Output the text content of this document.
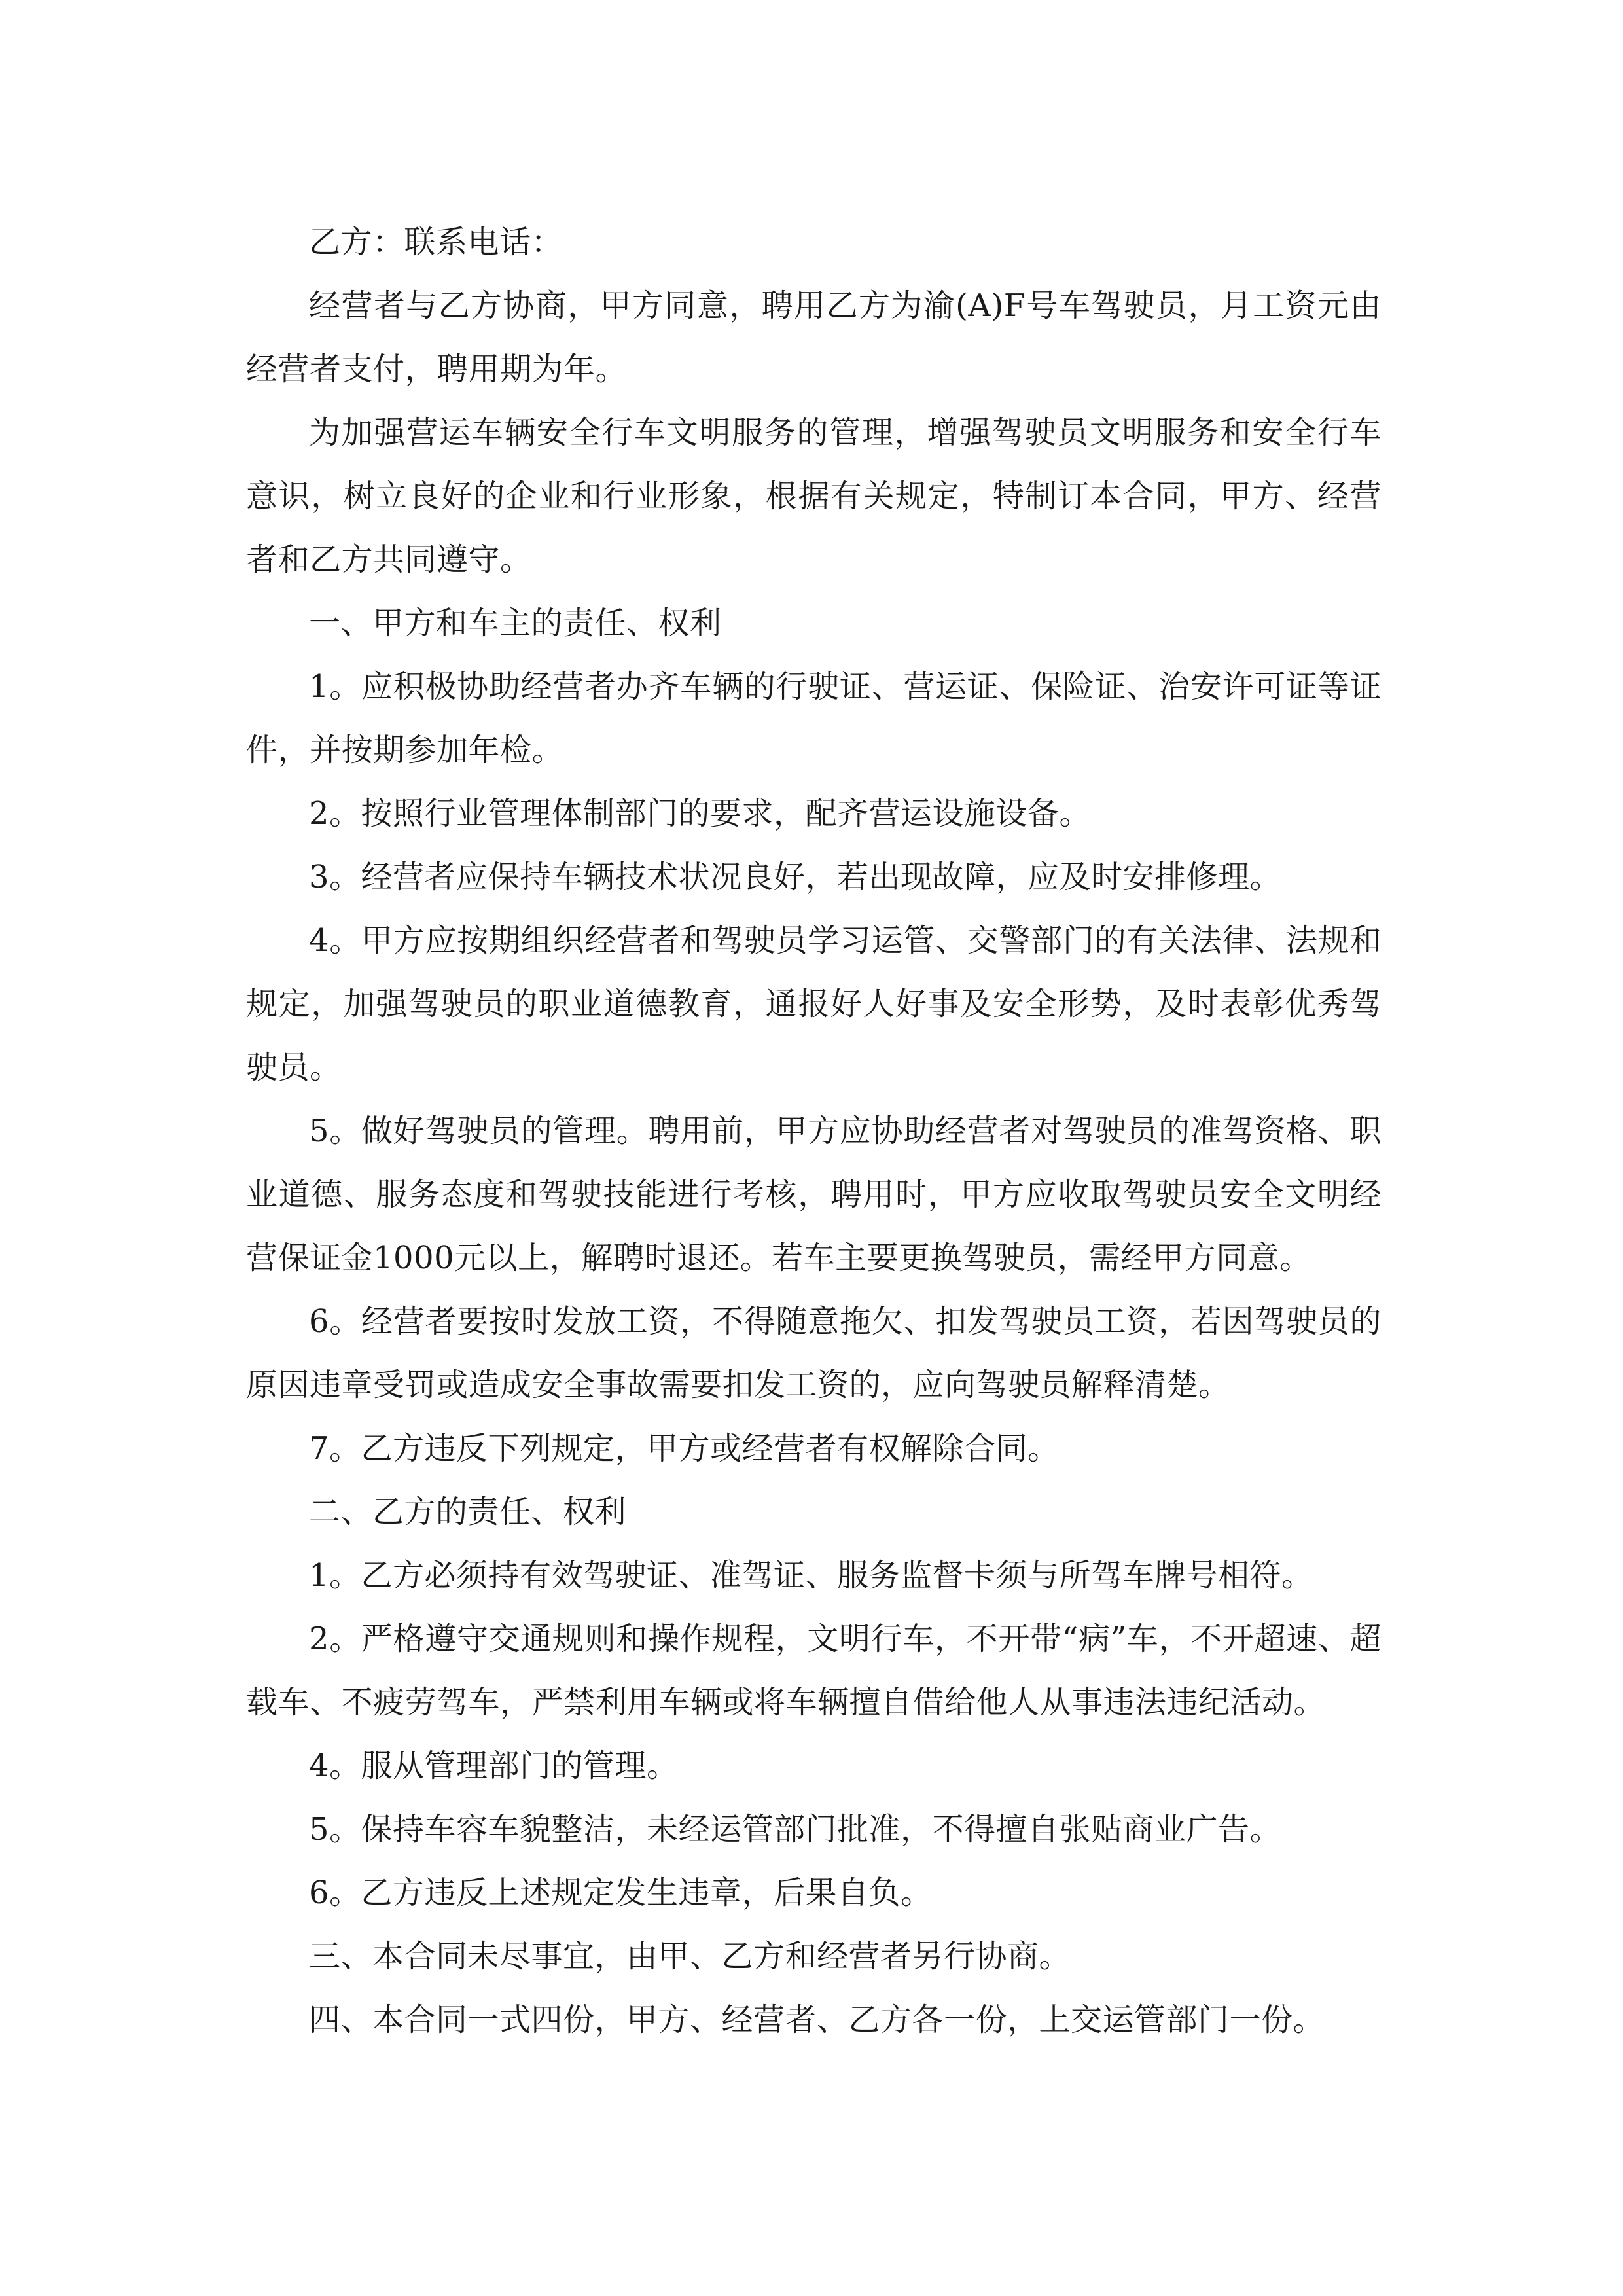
乙方：联系电话：

经营者与乙方协商，甲方同意，聘用乙方为渝(A)F号车驾驶员，月工资元由经营者支付，聘用期为年。

为加强营运车辆安全行车文明服务的管理，增强驾驶员文明服务和安全行车意识，树立良好的企业和行业形象，根据有关规定，特制订本合同，甲方、经营者和乙方共同遵守。

一、甲方和车主的责任、权利

1。应积极协助经营者办齐车辆的行驶证、营运证、保险证、治安许可证等证件，并按期参加年检。

2。按照行业管理体制部门的要求，配齐营运设施设备。

3。经营者应保持车辆技术状况良好，若出现故障，应及时安排修理。

4。甲方应按期组织经营者和驾驶员学习运管、交警部门的有关法律、法规和规定，加强驾驶员的职业道德教育，通报好人好事及安全形势，及时表彰优秀驾驶员。

5。做好驾驶员的管理。聘用前，甲方应协助经营者对驾驶员的准驾资格、职业道德、服务态度和驾驶技能进行考核，聘用时，甲方应收取驾驶员安全文明经营保证金1000元以上，解聘时退还。若车主要更换驾驶员，需经甲方同意。

6。经营者要按时发放工资，不得随意拖欠、扣发驾驶员工资，若因驾驶员的原因违章受罚或造成安全事故需要扣发工资的，应向驾驶员解释清楚。

7。乙方违反下列规定，甲方或经营者有权解除合同。

二、乙方的责任、权利

1。乙方必须持有效驾驶证、准驾证、服务监督卡须与所驾车牌号相符。

2。严格遵守交通规则和操作规程，文明行车，不开带“病”车，不开超速、超载车、不疲劳驾车，严禁利用车辆或将车辆擅自借给他人从事违法违纪活动。

4。服从管理部门的管理。

5。保持车容车貌整洁，未经运管部门批准，不得擅自张贴商业广告。

6。乙方违反上述规定发生违章，后果自负。

三、本合同未尽事宜，由甲、乙方和经营者另行协商。

四、本合同一式四份，甲方、经营者、乙方各一份，上交运管部门一份。
